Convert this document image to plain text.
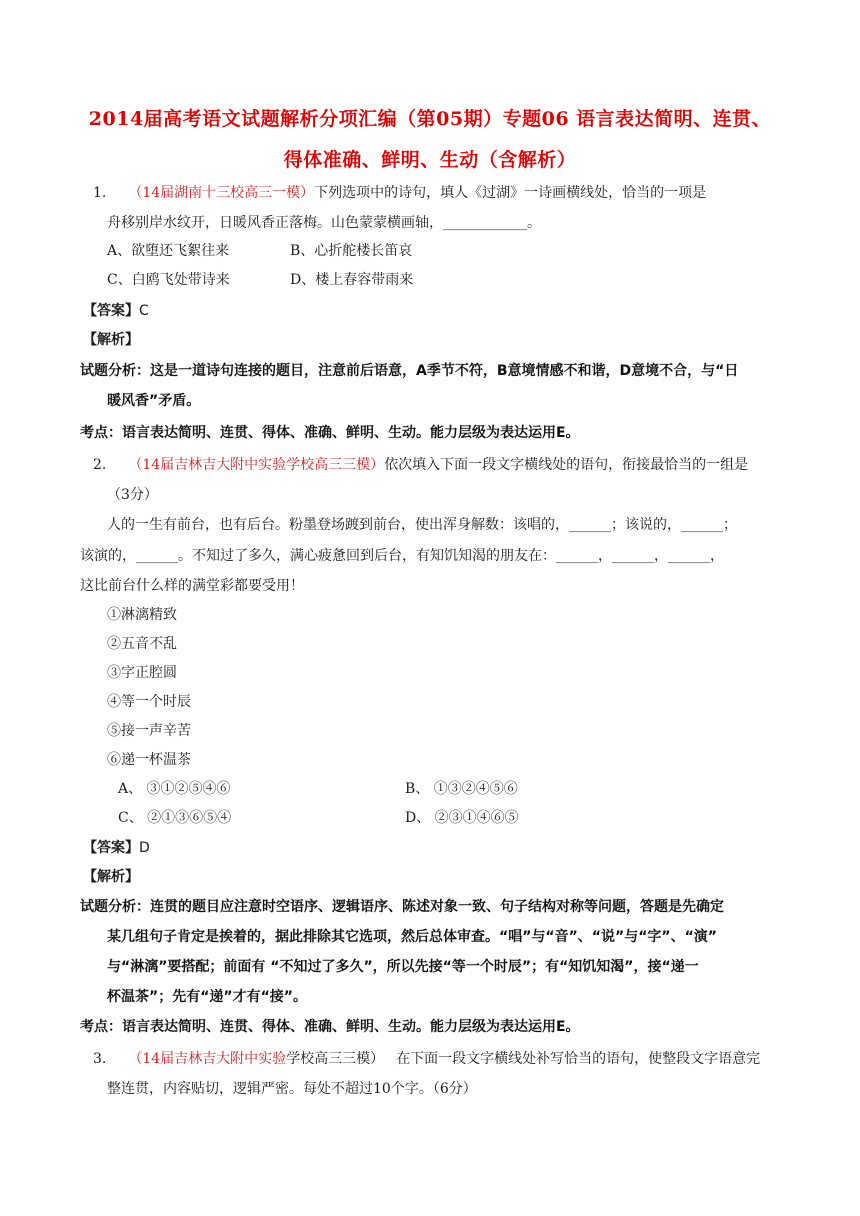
2014届高考语文试题解析分项汇编（第05期）专题06 语言表达简明、连贯、
得体准确、鲜明、生动（含解析）
1. （14届湖南十三校高三一模）下列选项中的诗句，填人《过湖》一诗画横线处，恰当的一项是
舟移别岸水纹开，日暖风香正落梅。山色蒙蒙横画轴，____________。
A、欲堕还飞絮往来	B、心折舵楼长笛哀
C、白鸥飞处带诗来	D、楼上春容带雨来
【答案】C
【解析】
试题分析：这是一道诗句连接的题目，注意前后语意，A季节不符，B意境情感不和谐，D意境不合，与“日
暖风香”矛盾。
考点：语言表达简明、连贯、得体、准确、鲜明、生动。能力层级为表达运用E。
2. （14届吉林吉大附中实验学校高三三模）依次填入下面一段文字横线处的语句，衔接最恰当的一组是
（3分）
人的一生有前台，也有后台。粉墨登场踱到前台，使出浑身解数：该唱的，______；该说的，______；
该演的，______。不知过了多久，满心疲惫回到后台，有知饥知渴的朋友在：______，______，______，
这比前台什么样的满堂彩都要受用！
①淋漓精致
②五音不乱
③字正腔圆
④等一个时辰
⑤接一声辛苦
⑥递一杯温茶
A、 ③①②⑤④⑥	B、 ①③②④⑤⑥
C、 ②①③⑥⑤④	D、 ②③①④⑥⑤
【答案】D
【解析】
试题分析：连贯的题目应注意时空语序、逻辑语序、陈述对象一致、句子结构对称等问题，答题是先确定
某几组句子肯定是挨着的，据此排除其它选项，然后总体审查。“唱”与“音”、“说”与“字”、“演”
与“淋漓”要搭配；前面有 “不知过了多久”，所以先接“等一个时辰”；有“知饥知渴”，接“递一
杯温茶”；先有“递”才有“接”。
考点：语言表达简明、连贯、得体、准确、鲜明、生动。能力层级为表达运用E。
3. （14届吉林吉大附中实验学校高三三模） 在下面一段文字横线处补写恰当的语句，使整段文字语意完
整连贯，内容贴切，逻辑严密。每处不超过10个字。（6分）
